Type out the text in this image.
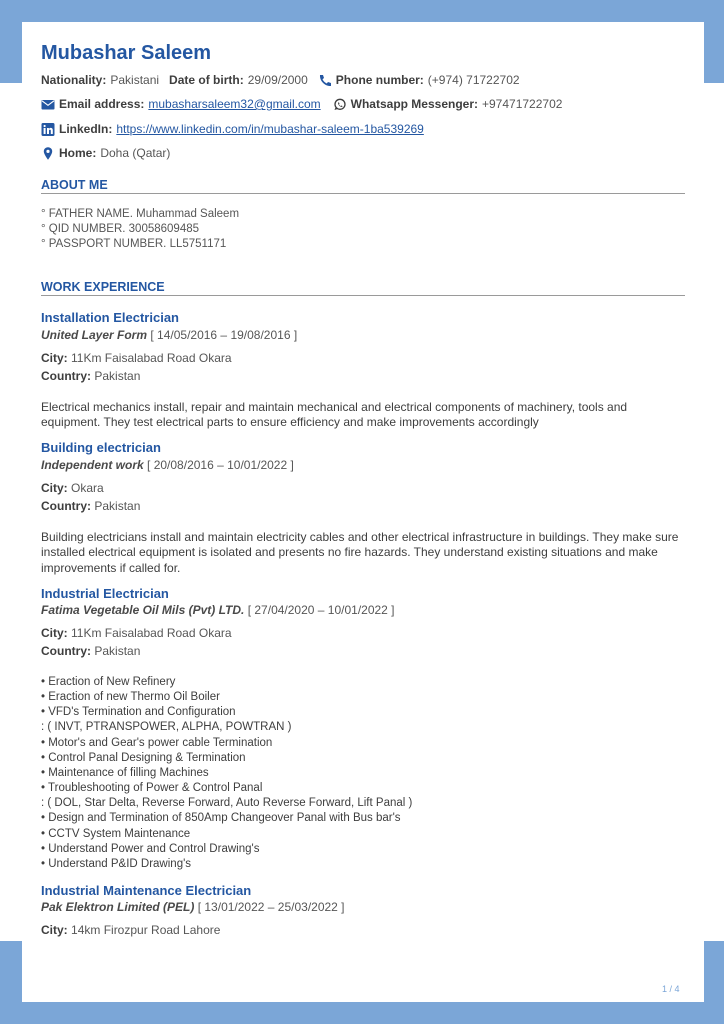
Mubashar Saleem
Nationality: Pakistani Date of birth: 29/09/2000 Phone number: (+974) 71722702
Email address: mubasharsaleem32@gmail.com	Whatsapp Messenger: +97471722702
LinkedIn: https://www.linkedin.com/in/mubashar-saleem-1ba539269
Home: Doha (Qatar)
ABOUT ME
° FATHER NAME. Muhammad Saleem
° QID NUMBER. 30058609485
° PASSPORT NUMBER. LL5751171
WORK EXPERIENCE
Installation Electrician
United Layer Form [ 14/05/2016 – 19/08/2016 ]
City: 11Km Faisalabad Road Okara
Country: Pakistan
Electrical mechanics install, repair and maintain mechanical and electrical components of machinery, tools and equipment. They test electrical parts to ensure efficiency and make improvements accordingly
Building electrician
Independent work [ 20/08/2016 – 10/01/2022 ]
City: Okara
Country: Pakistan
Building electricians install and maintain electricity cables and other electrical infrastructure in buildings. They make sure installed electrical equipment is isolated and presents no fire hazards. They understand existing situations and make improvements if called for.
Industrial Electrician
Fatima Vegetable Oil Mils (Pvt) LTD. [ 27/04/2020 – 10/01/2022 ]
City: 11Km Faisalabad Road Okara
Country: Pakistan
• Eraction of New Refinery
• Eraction of new Thermo Oil Boiler
• VFD's Termination and Configuration
: ( INVT, PTRANSPOWER, ALPHA, POWTRAN )
• Motor's and Gear's power cable Termination
• Control Panal Designing & Termination
• Maintenance of filling Machines
• Troubleshooting of Power & Control Panal
: ( DOL, Star Delta, Reverse Forward, Auto Reverse Forward, Lift Panal )
• Design and Termination of 850Amp Changeover Panal with Bus bar's
• CCTV System Maintenance
• Understand Power and Control Drawing's
• Understand P&ID Drawing's
Industrial Maintenance Electrician
Pak Elektron Limited (PEL) [ 13/01/2022 – 25/03/2022 ]
City: 14km Firozpur Road Lahore
1 / 4
